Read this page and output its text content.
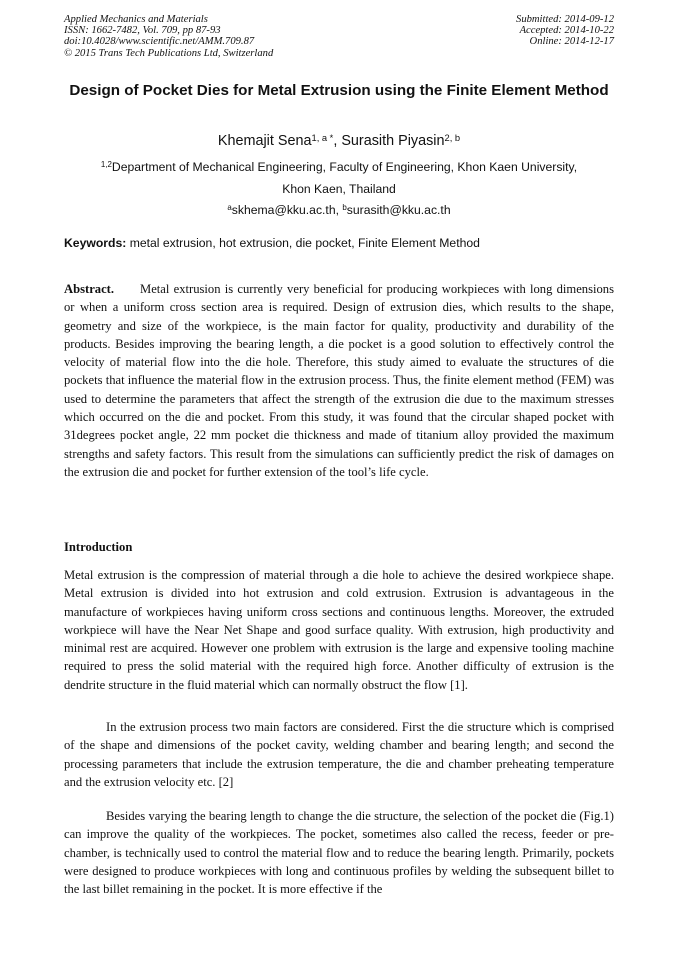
Applied Mechanics and Materials
ISSN: 1662-7482, Vol. 709, pp 87-93
doi:10.4028/www.scientific.net/AMM.709.87
© 2015 Trans Tech Publications Ltd, Switzerland
Submitted: 2014-09-12
Accepted: 2014-10-22
Online: 2014-12-17
Design of Pocket Dies for Metal Extrusion using the Finite Element Method
Khemajit Sena$^{1, a *}$, Surasith Piyasin$^{2, b}$
$^{1,2}$Department of Mechanical Engineering, Faculty of Engineering, Khon Kaen University,
Khon Kaen, Thailand
$^a$skhema@kku.ac.th, $^b$surasith@kku.ac.th
Keywords: metal extrusion, hot extrusion, die pocket, Finite Element Method
Abstract. Metal extrusion is currently very beneficial for producing workpieces with long dimensions or when a uniform cross section area is required. Design of extrusion dies, which results to the shape, geometry and size of the workpiece, is the main factor for quality, productivity and durability of the products. Besides improving the bearing length, a die pocket is a good solution to effectively control the velocity of material flow into the die hole. Therefore, this study aimed to evaluate the structures of die pockets that influence the material flow in the extrusion process. Thus, the finite element method (FEM) was used to determine the parameters that affect the strength of the extrusion die due to the maximum stresses which occurred on the die and pocket. From this study, it was found that the circular shaped pocket with 31degrees pocket angle, 22 mm pocket die thickness and made of titanium alloy provided the maximum strengths and safety factors. This result from the simulations can sufficiently predict the risk of damages on the extrusion die and pocket for further extension of the tool’s life cycle.
Introduction
Metal extrusion is the compression of material through a die hole to achieve the desired workpiece shape. Metal extrusion is divided into hot extrusion and cold extrusion. Extrusion is advantageous in the manufacture of workpieces having uniform cross sections and continuous lengths. Moreover, the extruded workpiece will have the Near Net Shape and good surface quality. With extrusion, high productivity and minimal rest are acquired. However one problem with extrusion is the large and expensive tooling machine required to press the solid material with the required high force. Another difficulty of extrusion is the dendrite structure in the fluid material which can normally obstruct the flow [1].
In the extrusion process two main factors are considered. First the die structure which is comprised of the shape and dimensions of the pocket cavity, welding chamber and bearing length; and second the processing parameters that include the extrusion temperature, the die and chamber preheating temperature and the extrusion velocity etc. [2]
Besides varying the bearing length to change the die structure, the selection of the pocket die (Fig.1) can improve the quality of the workpieces. The pocket, sometimes also called the recess, feeder or pre-chamber, is technically used to control the material flow and to reduce the bearing length. Primarily, pockets were designed to produce workpieces with long and continuous profiles by welding the subsequent billet to the last billet remaining in the pocket. It is more effective if the
